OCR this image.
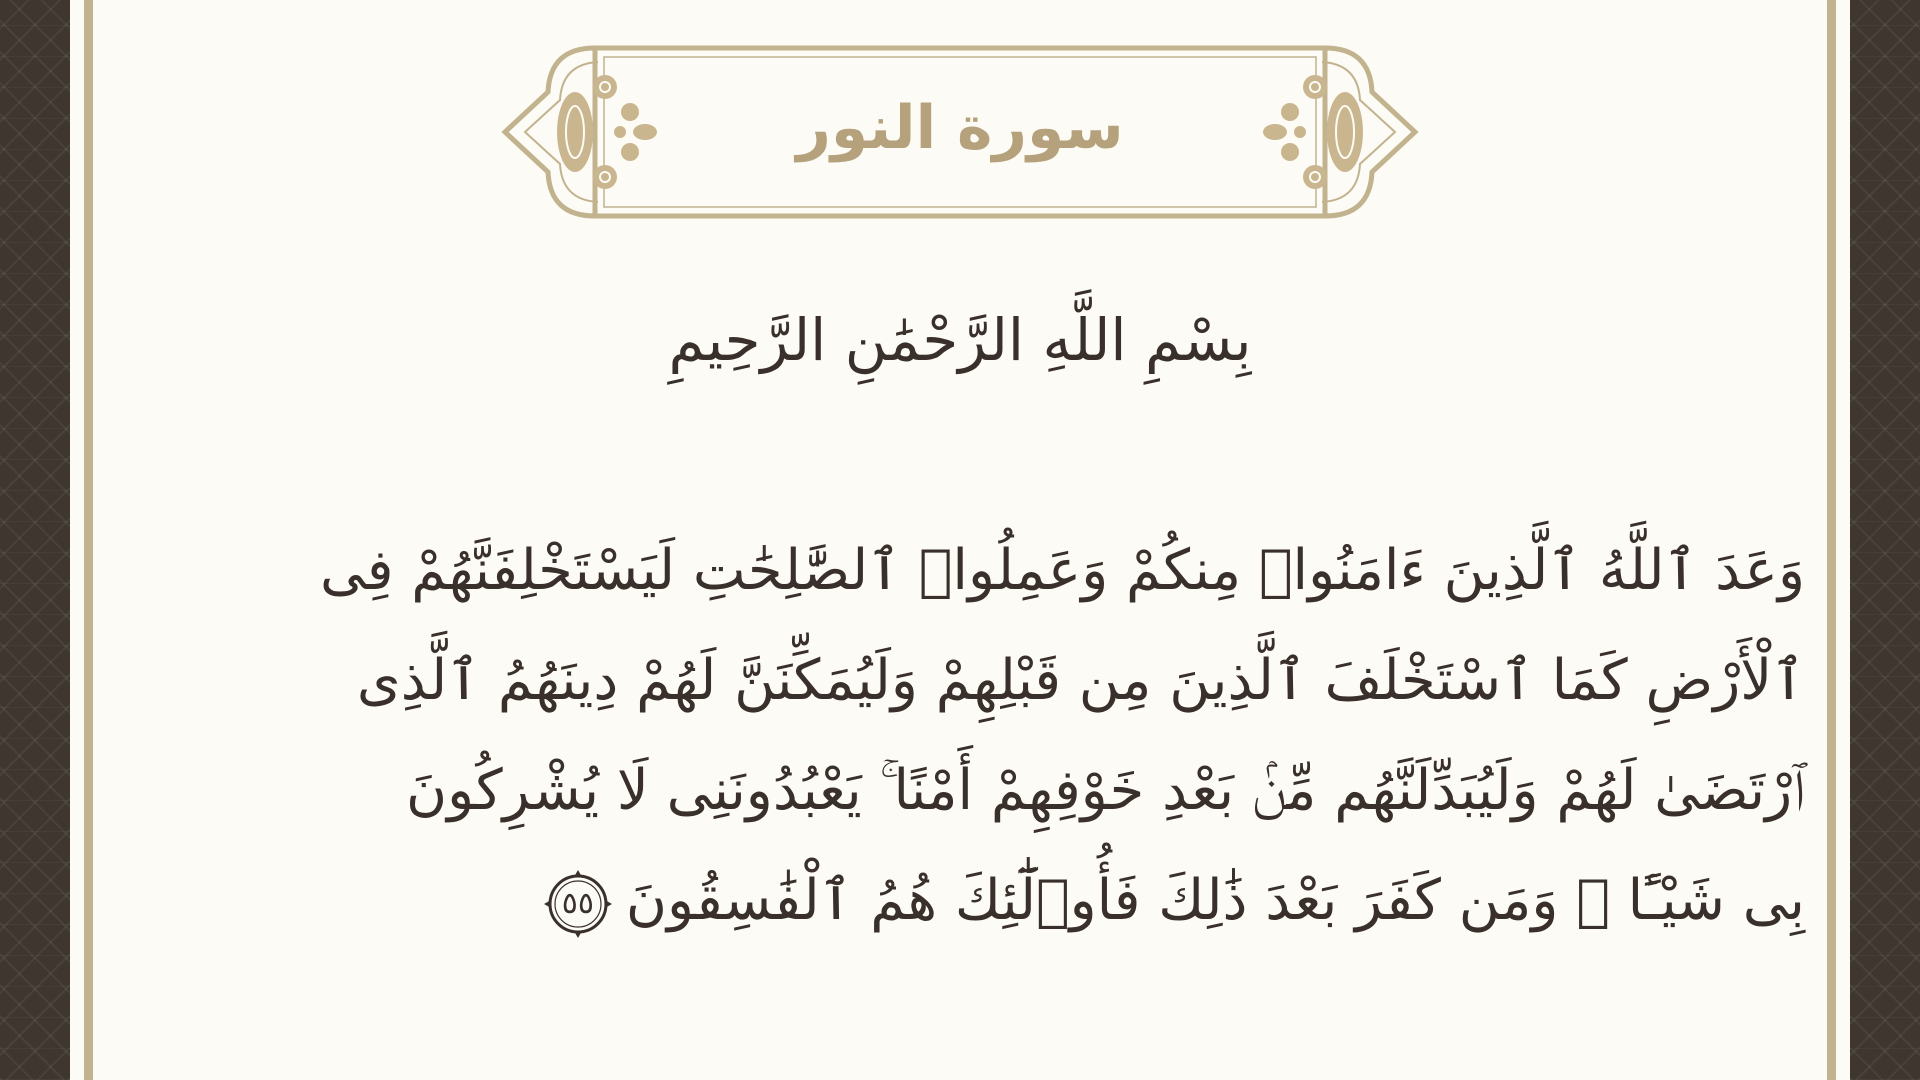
سورة النور
بِسْمِ اللَّهِ الرَّحْمَٰنِ الرَّحِيمِ
وَعَدَ ٱللَّهُ ٱلَّذِينَ ءَامَنُوا۟ مِنكُمْ وَعَمِلُوا۟ ٱلصَّٰلِحَٰتِ لَيَسْتَخْلِفَنَّهُمْ فِى
ٱلْأَرْضِ كَمَا ٱسْتَخْلَفَ ٱلَّذِينَ مِن قَبْلِهِمْ وَلَيُمَكِّنَنَّ لَهُمْ دِينَهُمُ ٱلَّذِى
ٱرْتَضَىٰ لَهُمْ وَلَيُبَدِّلَنَّهُم مِّنۢ بَعْدِ خَوْفِهِمْ أَمْنًا ۚ يَعْبُدُونَنِى لَا يُشْرِكُونَ
بِى شَيْـًٔا ۚ وَمَن كَفَرَ بَعْدَ ذَٰلِكَ فَأُو۟لَٰٓئِكَ هُمُ ٱلْفَٰسِقُونَ
٥٥
